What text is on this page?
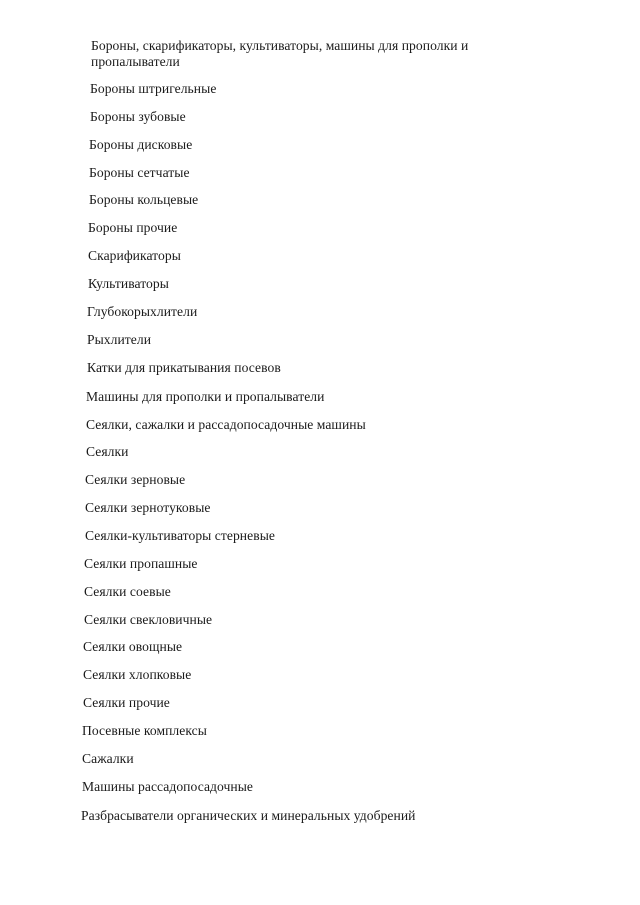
Бороны, скарификаторы, культиваторы, машины для прополки и пропалыватели
Бороны штригельные
Бороны зубовые
Бороны дисковые
Бороны сетчатые
Бороны кольцевые
Бороны прочие
Скарификаторы
Культиваторы
Глубокорыхлители
Рыхлители
Катки для прикатывания посевов
Машины для прополки и пропалыватели
Сеялки, сажалки и рассадопосадочные машины
Сеялки
Сеялки зерновые
Сеялки зернотуковые
Сеялки-культиваторы стерневые
Сеялки пропашные
Сеялки соевые
Сеялки свекловичные
Сеялки овощные
Сеялки хлопковые
Сеялки прочие
Посевные комплексы
Сажалки
Машины рассадопосадочные
Разбрасыватели органических и минеральных удобрений
